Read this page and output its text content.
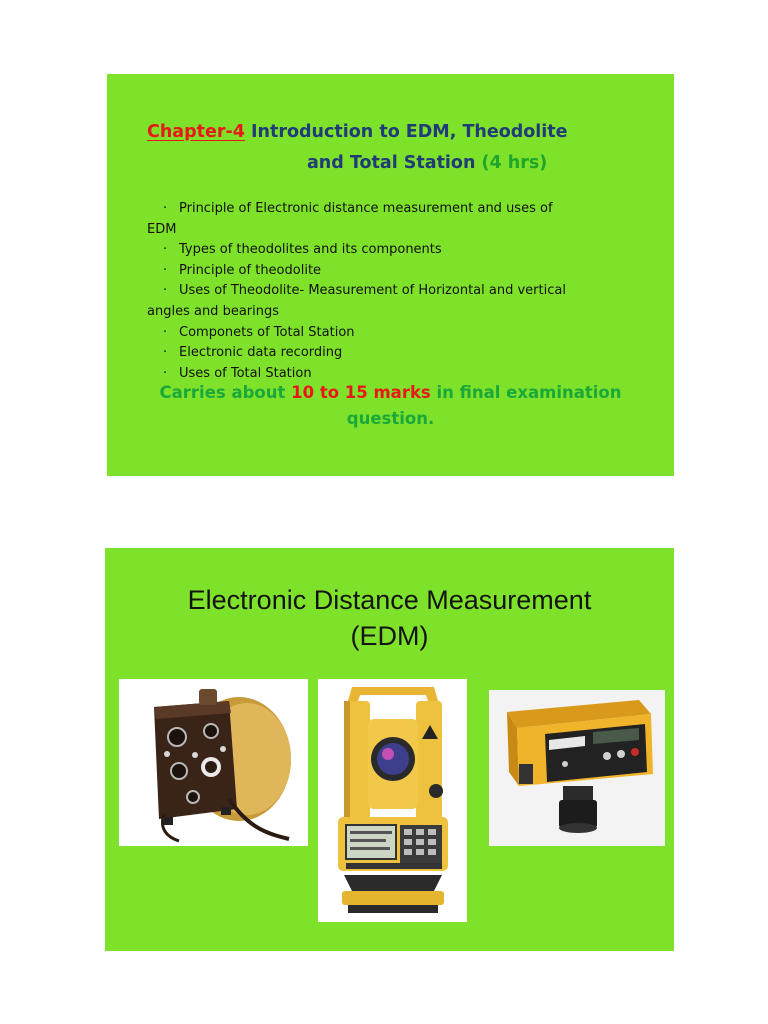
Chapter-4 Introduction to EDM, Theodolite
and Total Station (4 hrs)
· Principle of Electronic distance measurement and uses of
EDM
· Types of theodolites and its components
· Principle of theodolite
· Uses of Theodolite- Measurement of Horizontal and vertical
angles and bearings
· Componets of Total Station
· Electronic data recording
· Uses of Total Station
Carries about 10 to 15 marks in final examination
question.
Electronic Distance Measurement
(EDM)
